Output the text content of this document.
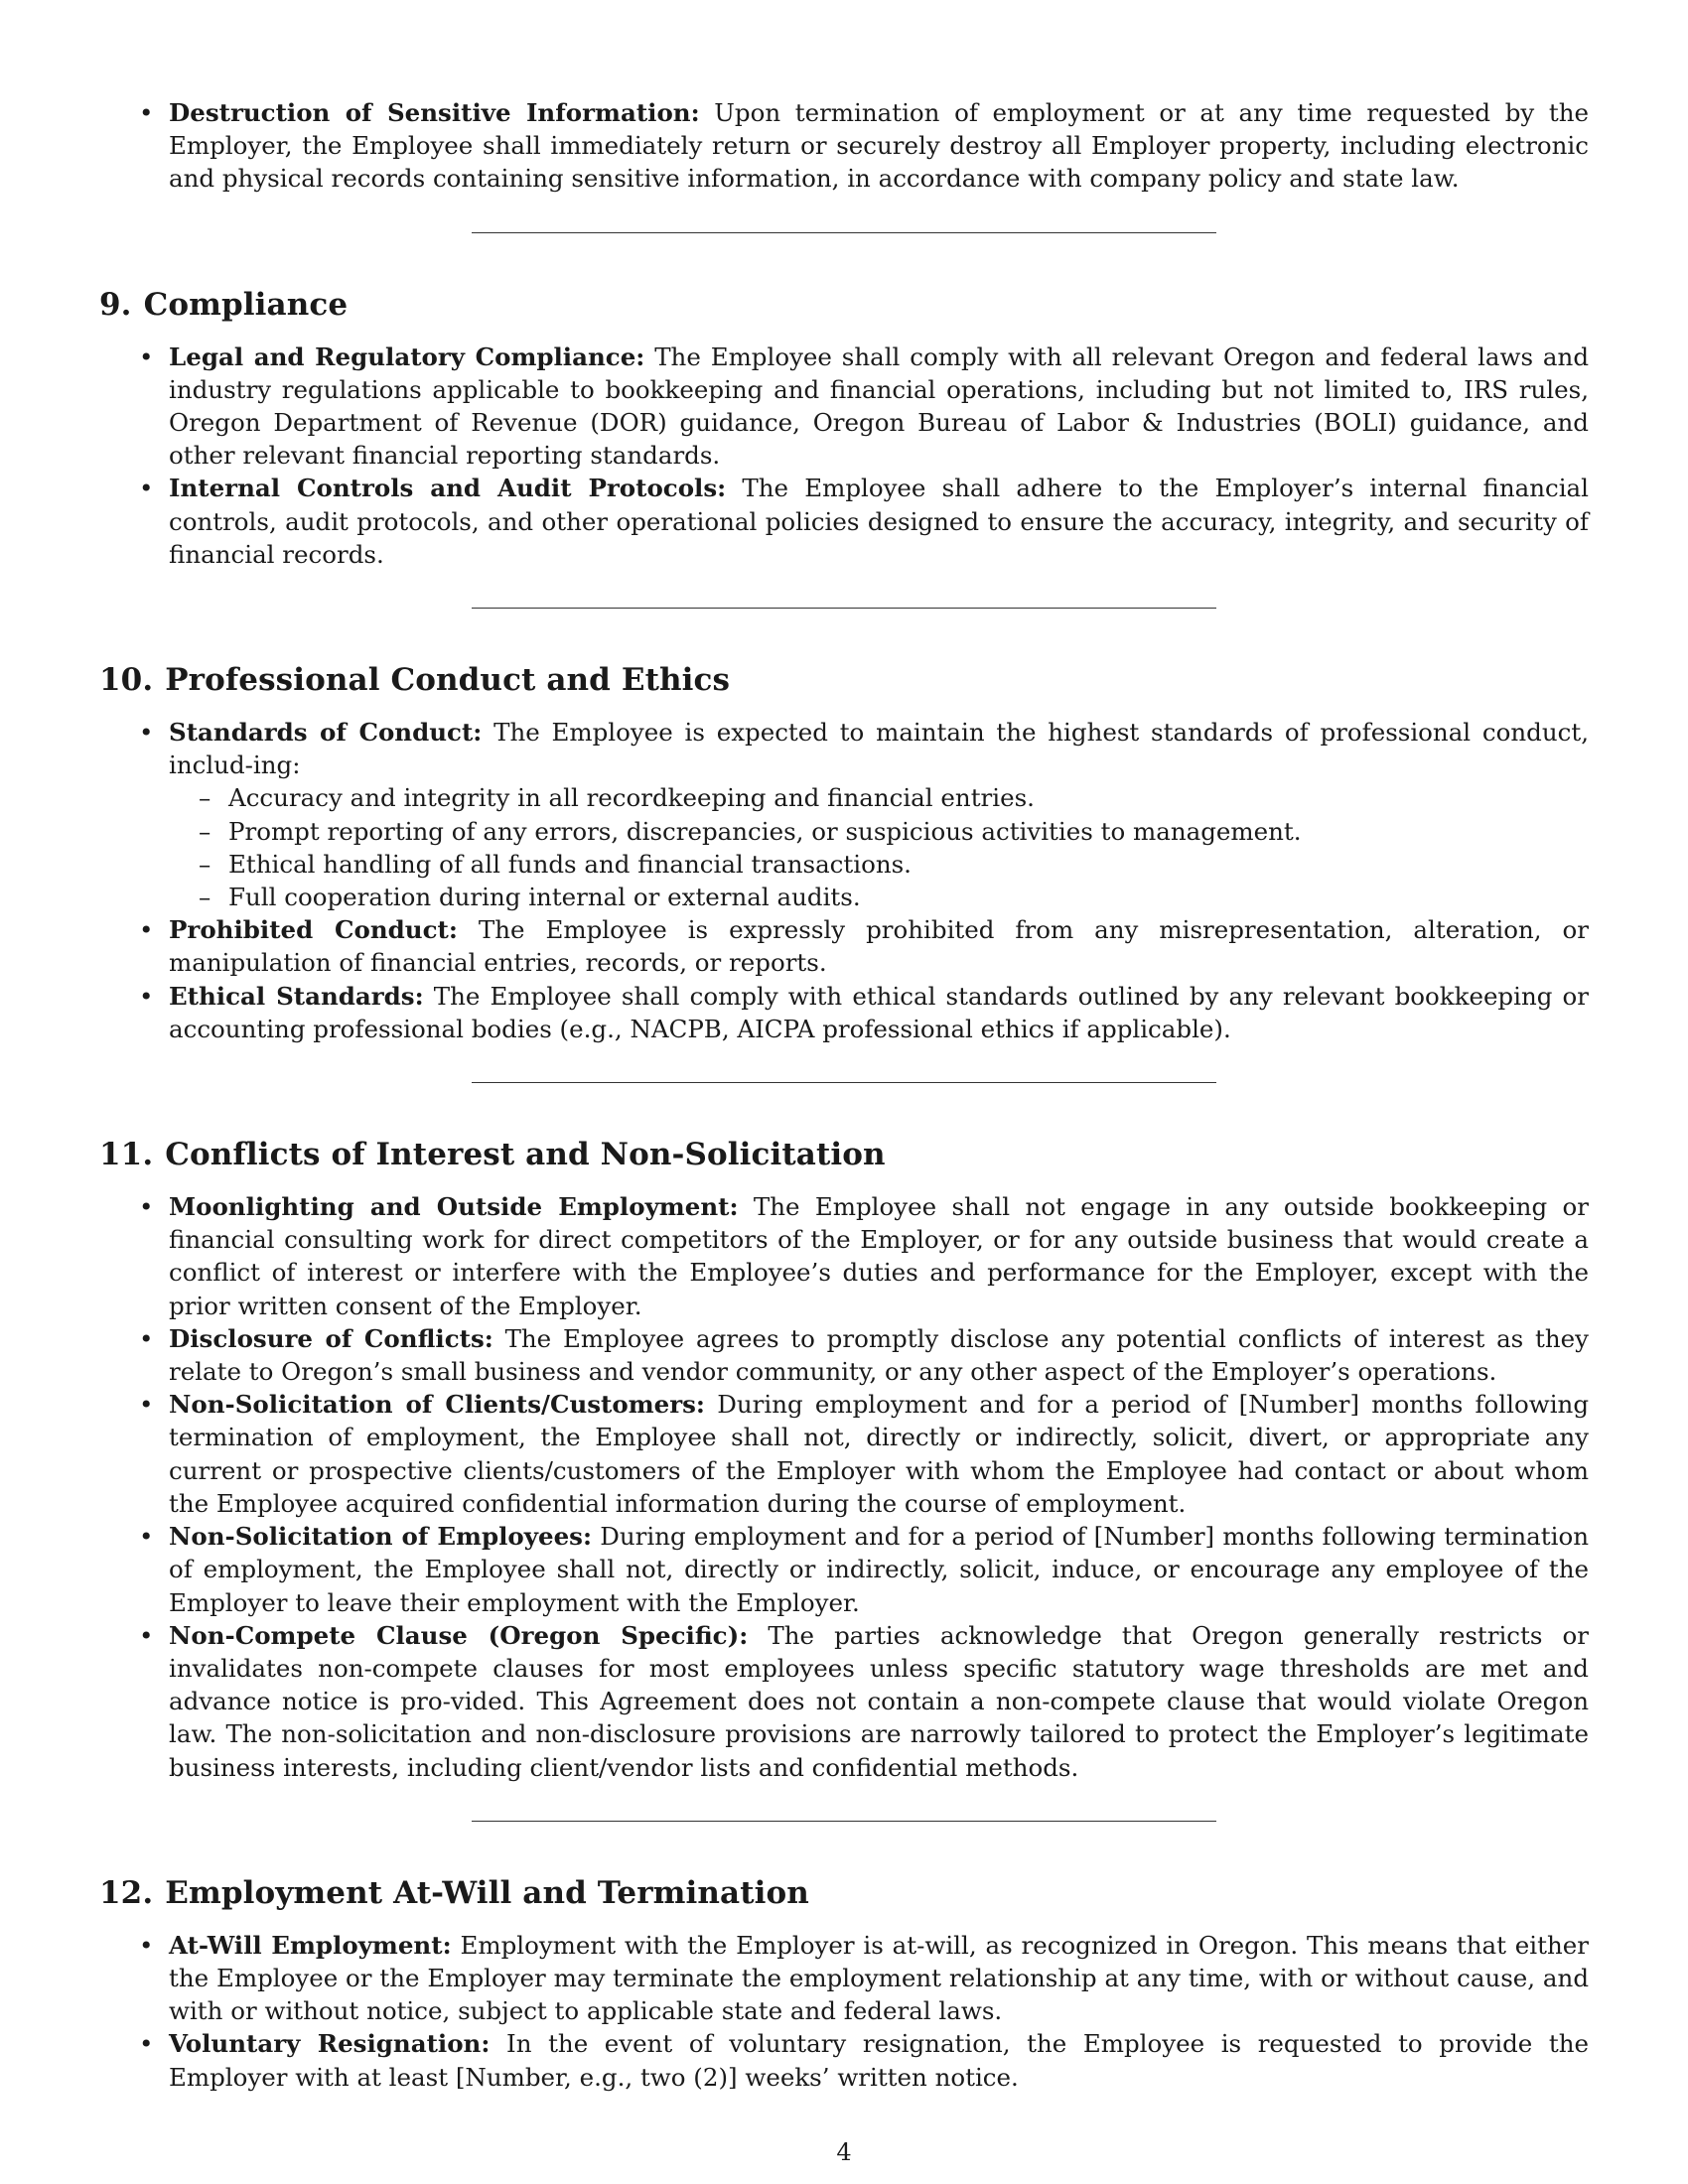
• Destruction of Sensitive Information: Upon termination of employment or at any time requested by the Employer, the Employee shall immediately return or securely destroy all Employer property, including electronic and physical records containing sensitive information, in accordance with company policy and state law.
9. Compliance
• Legal and Regulatory Compliance: The Employee shall comply with all relevant Oregon and federal laws and industry regulations applicable to bookkeeping and financial operations, including but not limited to, IRS rules, Oregon Department of Revenue (DOR) guidance, Oregon Bureau of Labor & Industries (BOLI) guidance, and other relevant financial reporting standards.
• Internal Controls and Audit Protocols: The Employee shall adhere to the Employer’s internal financial controls, audit protocols, and other operational policies designed to ensure the accuracy, integrity, and security of financial records.
10. Professional Conduct and Ethics
• Standards of Conduct: The Employee is expected to maintain the highest standards of professional conduct, includ-ing:
– Accuracy and integrity in all recordkeeping and financial entries.
– Prompt reporting of any errors, discrepancies, or suspicious activities to management.
– Ethical handling of all funds and financial transactions.
– Full cooperation during internal or external audits.
• Prohibited Conduct: The Employee is expressly prohibited from any misrepresentation, alteration, or manipulation of financial entries, records, or reports.
• Ethical Standards: The Employee shall comply with ethical standards outlined by any relevant bookkeeping or accounting professional bodies (e.g., NACPB, AICPA professional ethics if applicable).
11. Conflicts of Interest and Non-Solicitation
• Moonlighting and Outside Employment: The Employee shall not engage in any outside bookkeeping or financial consulting work for direct competitors of the Employer, or for any outside business that would create a conflict of interest or interfere with the Employee’s duties and performance for the Employer, except with the prior written consent of the Employer.
• Disclosure of Conflicts: The Employee agrees to promptly disclose any potential conflicts of interest as they relate to Oregon’s small business and vendor community, or any other aspect of the Employer’s operations.
• Non-Solicitation of Clients/Customers: During employment and for a period of [Number] months following termination of employment, the Employee shall not, directly or indirectly, solicit, divert, or appropriate any current or prospective clients/customers of the Employer with whom the Employee had contact or about whom the Employee acquired confidential information during the course of employment.
• Non-Solicitation of Employees: During employment and for a period of [Number] months following termination of employment, the Employee shall not, directly or indirectly, solicit, induce, or encourage any employee of the Employer to leave their employment with the Employer.
• Non-Compete Clause (Oregon Specific): The parties acknowledge that Oregon generally restricts or invalidates non-compete clauses for most employees unless specific statutory wage thresholds are met and advance notice is pro-vided. This Agreement does not contain a non-compete clause that would violate Oregon law. The non-solicitation and non-disclosure provisions are narrowly tailored to protect the Employer’s legitimate business interests, including client/vendor lists and confidential methods.
12. Employment At-Will and Termination
• At-Will Employment: Employment with the Employer is at-will, as recognized in Oregon. This means that either the Employee or the Employer may terminate the employment relationship at any time, with or without cause, and with or without notice, subject to applicable state and federal laws.
• Voluntary Resignation: In the event of voluntary resignation, the Employee is requested to provide the Employer with at least [Number, e.g., two (2)] weeks’ written notice.
4
